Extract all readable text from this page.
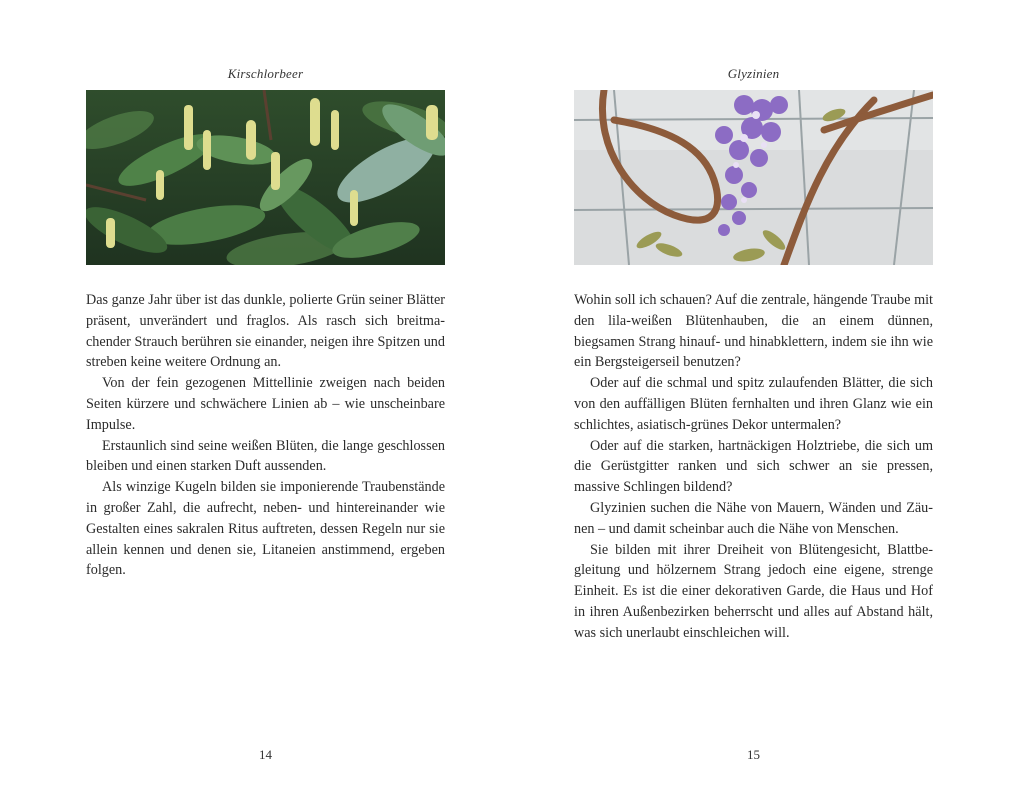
Kirschlorbeer

Das ganze Jahr über ist das dunkle, polierte Grün seiner Blätter präsent, unverändert und fraglos. Als rasch sich breitmachender Strauch berühren sie einander, neigen ihre Spitzen und streben keine weitere Ordnung an.

Von der fein gezogenen Mittellinie zweigen nach beiden Seiten kürzere und schwächere Linien ab – wie unscheinbare Impulse.

Erstaunlich sind seine weißen Blüten, die lange geschlossen bleiben und einen starken Duft aussenden.

Als winzige Kugeln bilden sie imponierende Traubenstände in großer Zahl, die aufrecht, neben- und hintereinander wie Gestalten eines sakralen Ritus auftreten, dessen Regeln nur sie allein kennen und denen sie, Litaneien anstimmend, ergeben folgen.

14
Glyzinien

Wohin soll ich schauen? Auf die zentrale, hängende Traube mit den lila-weißen Blütenhauben, die an einem dünnen, biegsamen Strang hinauf- und hinabklettern, indem sie ihn wie ein Bergsteigerseil benutzen?

Oder auf die schmal und spitz zulaufenden Blätter, die sich von den auffälligen Blüten fernhalten und ihren Glanz wie ein schlichtes, asiatisch-grünes Dekor untermalen?

Oder auf die starken, hartnäckigen Holztriebe, die sich um die Gerüstgitter ranken und sich schwer an sie pressen, massive Schlingen bildend?

Glyzinien suchen die Nähe von Mauern, Wänden und Zäunen – und damit scheinbar auch die Nähe von Menschen.

Sie bilden mit ihrer Dreiheit von Blütengesicht, Blattbegleitung und hölzernem Strang jedoch eine eigene, strenge Einheit. Es ist die einer dekorativen Garde, die Haus und Hof in ihren Außenbezirken beherrscht und alles auf Abstand hält, was sich unerlaubt einschleichen will.

15
